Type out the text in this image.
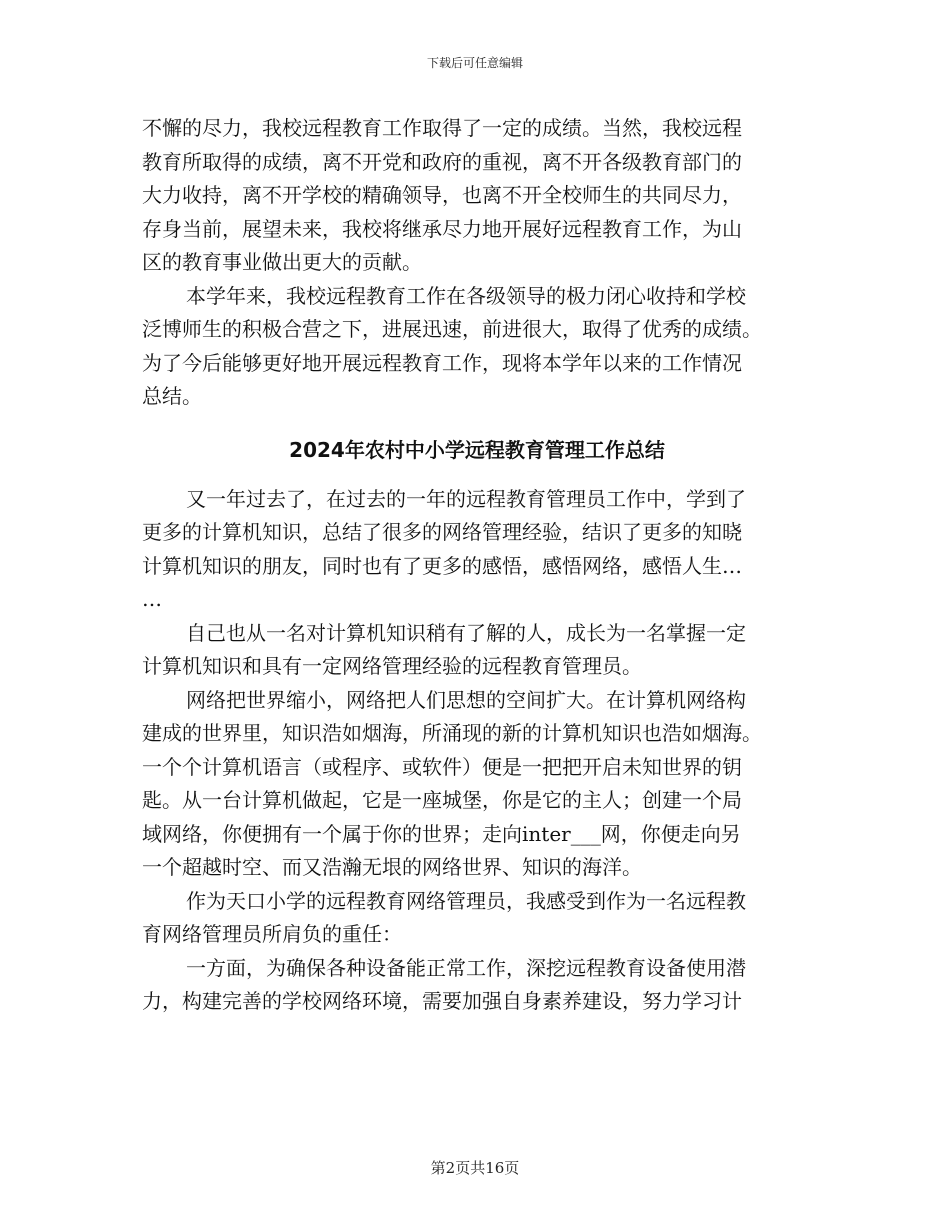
下载后可任意编辑

不懈的尽力，我校远程教育工作取得了一定的成绩。当然，我校远程
教育所取得的成绩，离不开党和政府的重视，离不开各级教育部门的
大力收持，离不开学校的精确领导，也离不开全校师生的共同尽力，
存身当前，展望未来，我校将继承尽力地开展好远程教育工作，为山
区的教育事业做出更大的贡献。

本学年来，我校远程教育工作在各级领导的极力闭心收持和学校
泛博师生的积极合营之下，进展迅速，前进很大，取得了优秀的成绩。
为了今后能够更好地开展远程教育工作，现将本学年以来的工作情况
总结。

2024年农村中小学远程教育管理工作总结

又一年过去了，在过去的一年的远程教育管理员工作中，学到了
更多的计算机知识，总结了很多的网络管理经验，结识了更多的知晓
计算机知识的朋友，同时也有了更多的感悟，感悟网络，感悟人生…
…

自己也从一名对计算机知识稍有了解的人，成长为一名掌握一定
计算机知识和具有一定网络管理经验的远程教育管理员。

网络把世界缩小，网络把人们思想的空间扩大。在计算机网络构
建成的世界里，知识浩如烟海，所涌现的新的计算机知识也浩如烟海。
一个个计算机语言（或程序、或软件）便是一把把开启未知世界的钥
匙。从一台计算机做起，它是一座城堡，你是它的主人；创建一个局
域网络，你便拥有一个属于你的世界；走向inter___网，你便走向另
一个超越时空、而又浩瀚无垠的网络世界、知识的海洋。

作为天口小学的远程教育网络管理员，我感受到作为一名远程教
育网络管理员所肩负的重任：

一方面，为确保各种设备能正常工作，深挖远程教育设备使用潜
力，构建完善的学校网络环境，需要加强自身素养建设，努力学习计

第2页共16页
